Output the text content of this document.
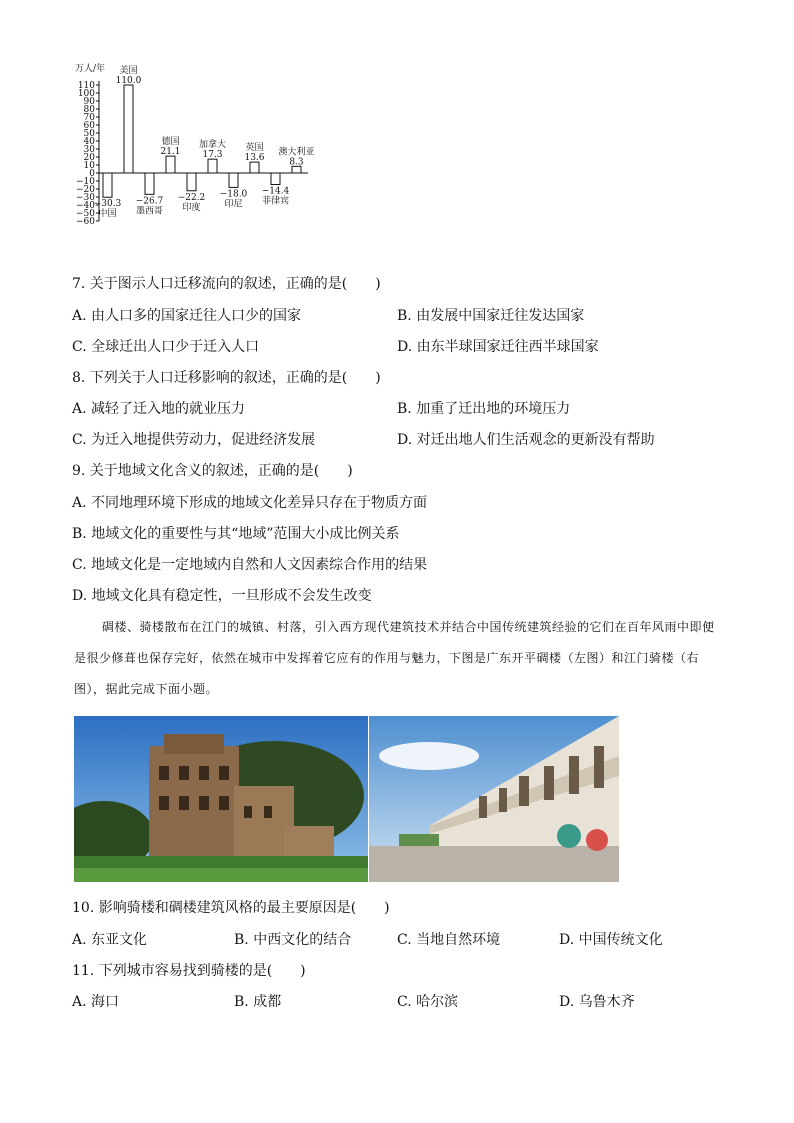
万人/年
110
100
90
80
70
60
50
40
30
20
10
0
−10
−20
−30
−40
−50
−60
−30.3
中国
110.0
美国
−26.7
墨西哥
21.1
德国
−22.2
印度
17.3
加拿大
−18.0
印尼
13.6
英国
−14.4
菲律宾
8.3
澳大利亚
7. 关于图示人口迁移流向的叙述，正确的是(　　)
A. 由人口多的国家迁往人口少的国家	B. 由发展中国家迁往发达国家
C. 全球迁出人口少于迁入人口	D. 由东半球国家迁往西半球国家
8. 下列关于人口迁移影响的叙述，正确的是(　　)
A. 减轻了迁入地的就业压力	B. 加重了迁出地的环境压力
C. 为迁入地提供劳动力，促进经济发展	D. 对迁出地人们生活观念的更新没有帮助
9. 关于地域文化含义的叙述，正确的是(　　)
A. 不同地理环境下形成的地域文化差异只存在于物质方面
B. 地域文化的重要性与其“地域”范围大小成比例关系
C. 地域文化是一定地域内自然和人文因素综合作用的结果
D. 地域文化具有稳定性，一旦形成不会发生改变
碉楼、骑楼散布在江门的城镇、村落，引入西方现代建筑技术并结合中国传统建筑经验的它们在百年风雨中即便是很少修葺也保存完好，依然在城市中发挥着它应有的作用与魅力，下图是广东开平碉楼（左图）和江门骑楼（右图），据此完成下面小题。
10. 影响骑楼和碉楼建筑风格的最主要原因是(　　)
A. 东亚文化	B. 中西文化的结合	C. 当地自然环境	D. 中国传统文化
11. 下列城市容易找到骑楼的是(　　)
A. 海口	B. 成都	C. 哈尔滨	D. 乌鲁木齐
